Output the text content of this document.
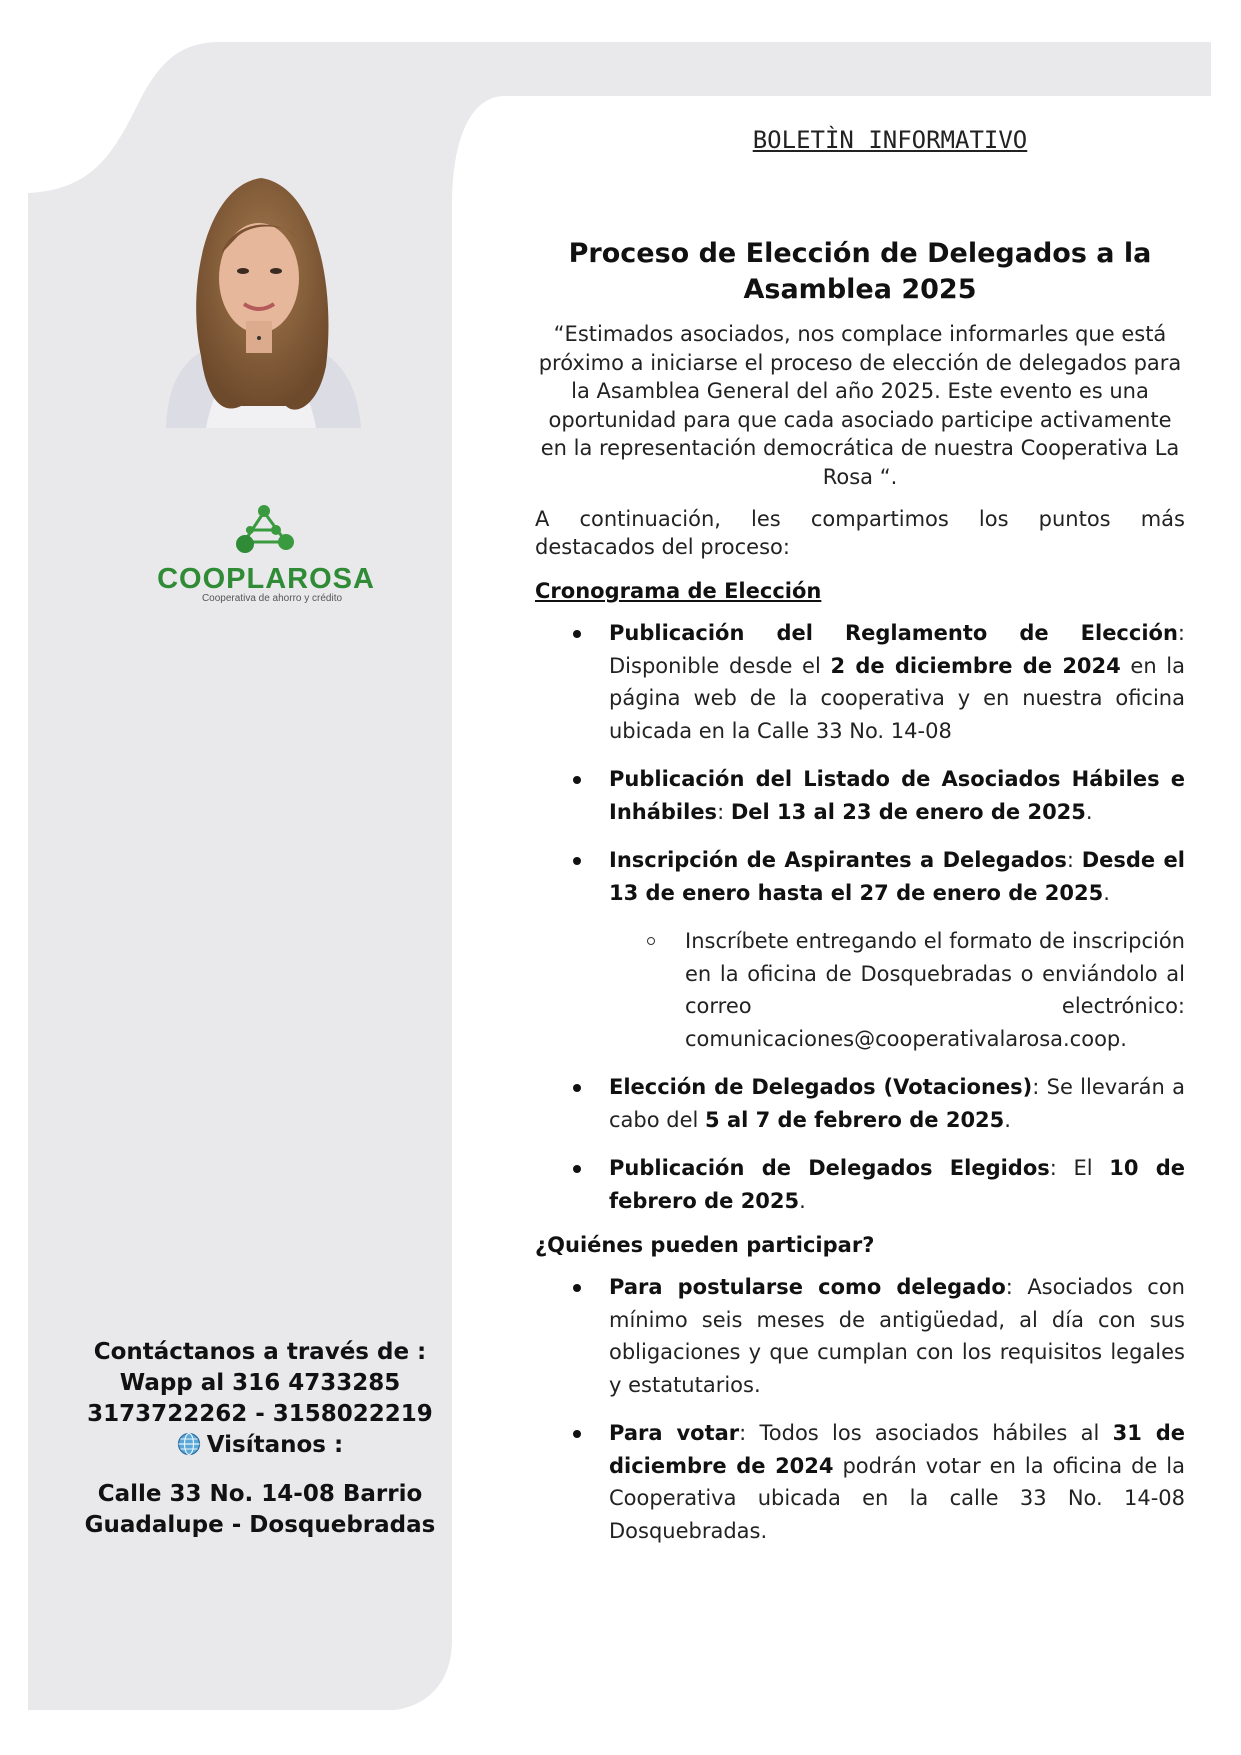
COOPLAROSA
Cooperativa de ahorro y crédito
Contáctanos a través de :
Wapp al 316 4733285
3173722262 - 3158022219
Visítanos :
Calle 33 No. 14-08 Barrio
Guadalupe - Dosquebradas
BOLETÌN INFORMATIVO
Proceso de Elección de Delegados a la Asamblea 2025

“Estimados asociados, nos complace informarles que está próximo a iniciarse el proceso de elección de delegados para la Asamblea General del año 2025. Este evento es una oportunidad para que cada asociado participe activamente en la representación democrática de nuestra Cooperativa La Rosa “.

A continuación, les compartimos los puntos más

destacados del proceso:

Cronograma de Elección
Publicación del Reglamento de Elección: Disponible desde el 2 de diciembre de 2024 en la página web de la cooperativa y en nuestra oficina ubicada en la Calle 33 No. 14-08
Publicación del Listado de Asociados Hábiles e Inhábiles: Del 13 al 23 de enero de 2025.
Inscripción de Aspirantes a Delegados: Desde el 13 de enero hasta el 27 de enero de 2025.

Inscríbete entregando el formato de inscripción en la oficina de Dosquebradas o enviándolo al correo electrónico: comunicaciones@cooperativalarosa.coop.

Elección de Delegados (Votaciones): Se llevarán a cabo del 5 al 7 de febrero de 2025.
Publicación de Delegados Elegidos: El 10 de febrero de 2025.
¿Quiénes pueden participar?
Para postularse como delegado: Asociados con mínimo seis meses de antigüedad, al día con sus obligaciones y que cumplan con los requisitos legales y estatutarios.
Para votar: Todos los asociados hábiles al 31 de diciembre de 2024 podrán votar en la oficina de la Cooperativa ubicada en la calle 33 No. 14-08 Dosquebradas.
